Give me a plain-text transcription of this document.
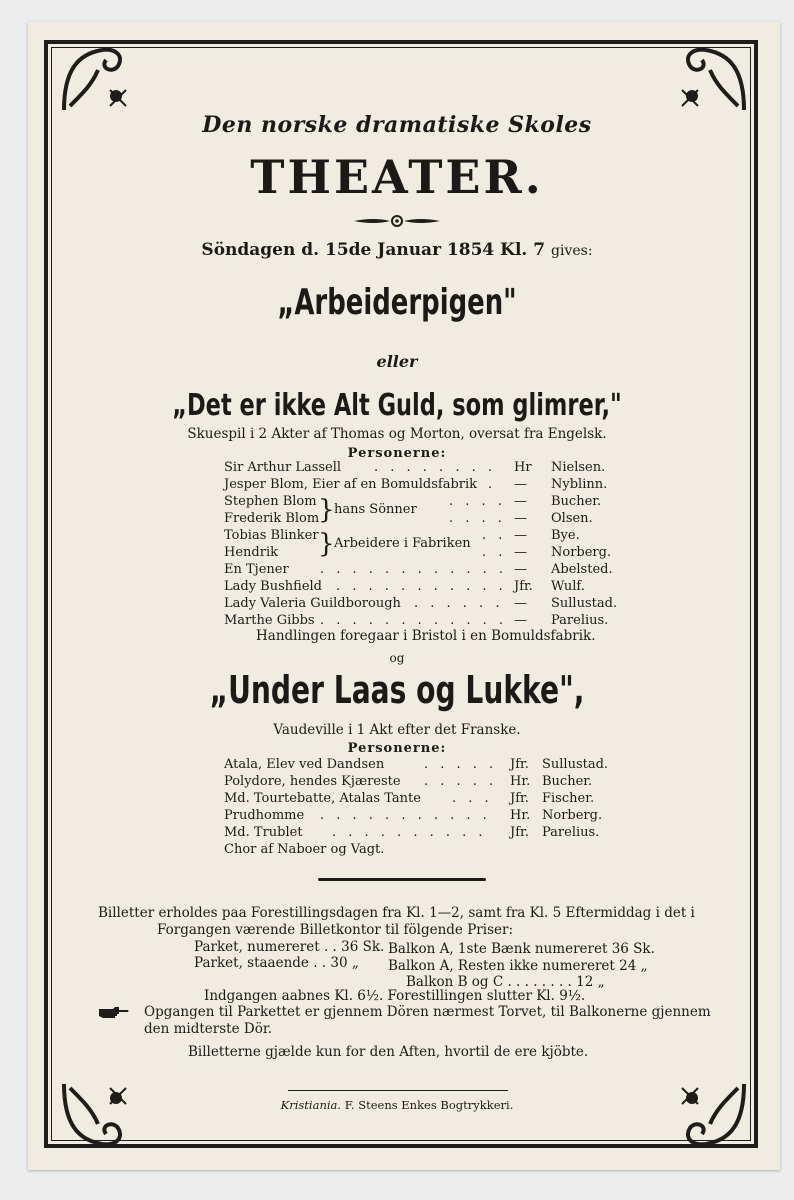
Den norske dramatiske Skoles
THEATER.
Söndagen d. 15de Januar 1854 Kl. 7 gives:
„Arbeiderpigen"
eller
„Det er ikke Alt Guld, som glimrer,"
Skuespil i 2 Akter af Thomas og Morton, oversat fra Engelsk.
Personerne:
Sir Arthur Lassell	. . . . . . . . Hr Nielsen.
Jesper Blom, Eier af en Bomuldsfabrik . — Nyblinn.
Stephen Blom	. . . . — Bucher.
Frederik Blom	. . . . — Olsen.
} hans Sönner
Tobias Blinker	. . — Bye.
Hendrik	. . — Norberg.
} Arbeidere i Fabriken
En Tjener . . . . . . . . . . . . — Abelsted.
Lady Bushfield . . . . . . . . . . . Jfr. Wulf.
Lady Valeria Guildborough . . . . . . — Sullustad.
Marthe Gibbs . . . . . . . . . . . . — Parelius.
Handlingen foregaar i Bristol i en Bomuldsfabrik.
og
„Under Laas og Lukke",
Vaudeville i 1 Akt efter det Franske.
Personerne:
Atala, Elev ved Dandsen	. . . . . Jfr. Sullustad.
Polydore, hendes Kjæreste . . . . . Hr. Bucher.
Md. Tourtebatte, Atalas Tante . . . Jfr. Fischer.
Prudhomme . . . . . . . . . . . Hr. Norberg.
Md. Trublet . . . . . . . . . . Jfr. Parelius.
Chor af Naboer og Vagt.
Billetter erholdes paa Forestillingsdagen fra Kl. 1—2, samt fra Kl. 5 Eftermiddag i det i
Forgangen værende Billetkontor til fölgende Priser:
Parket, numereret . . 36 Sk. Balkon A, 1ste Bænk numereret 36 Sk.
Parket, staaende . . 30 „ Balkon A, Resten ikke numereret 24 „
Balkon B og C . . . . . . . . 12 „
Indgangen aabnes Kl. 6½. Forestillingen slutter Kl. 9½.
Opgangen til Parkettet er gjennem Dören nærmest Torvet, til Balkonerne gjennem
den midterste Dör.
Billetterne gjælde kun for den Aften, hvortil de ere kjöbte.
Kristiania. F. Steens Enkes Bogtrykkeri.
